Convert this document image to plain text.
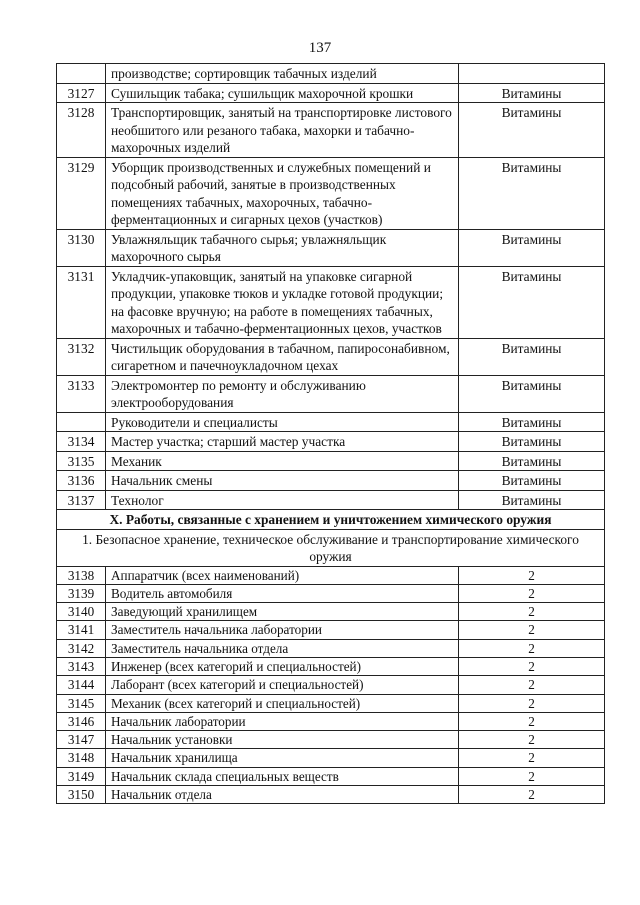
137
	производстве; сортировщик табачных изделий	
3127	Сушильщик табака; сушильщик махорочной крошки	Витамины
3128	Транспортировщик, занятый на транспортировке листового необшитого или резаного табака, махорки и табачно-махорочных изделий	Витамины
3129	Уборщик производственных и служебных помещений и подсобный рабочий, занятые в производственных помещениях табачных, махорочных, табачно-ферментационных и сигарных цехов (участков)	Витамины
3130	Увлажняльщик табачного сырья; увлажняльщик махорочного сырья	Витамины
3131	Укладчик-упаковщик, занятый на упаковке сигарной продукции, упаковке тюков и укладке готовой продукции; на фасовке вручную; на работе в помещениях табачных, махорочных и табачно-ферментационных цехов, участков	Витамины
3132	Чистильщик оборудования в табачном, папиросонабивном, сигаретном и пачечноукладочном цехах	Витамины
3133	Электромонтер по ремонту и обслуживанию электрооборудования	Витамины
	Руководители и специалисты	Витамины
3134	Мастер участка; старший мастер участка	Витамины
3135	Механик	Витамины
3136	Начальник смены	Витамины
3137	Технолог	Витамины
X. Работы, связанные с хранением и уничтожением химического оружия		
1. Безопасное хранение, техническое обслуживание и транспортирование химического оружия		
3138	Аппаратчик (всех наименований)	2
3139	Водитель автомобиля	2
3140	Заведующий хранилищем	2
3141	Заместитель начальника лаборатории	2
3142	Заместитель начальника отдела	2
3143	Инженер (всех категорий и специальностей)	2
3144	Лаборант (всех категорий и специальностей)	2
3145	Механик (всех категорий и специальностей)	2
3146	Начальник лаборатории	2
3147	Начальник установки	2
3148	Начальник хранилища	2
3149	Начальник склада специальных веществ	2
3150	Начальник отдела	2
